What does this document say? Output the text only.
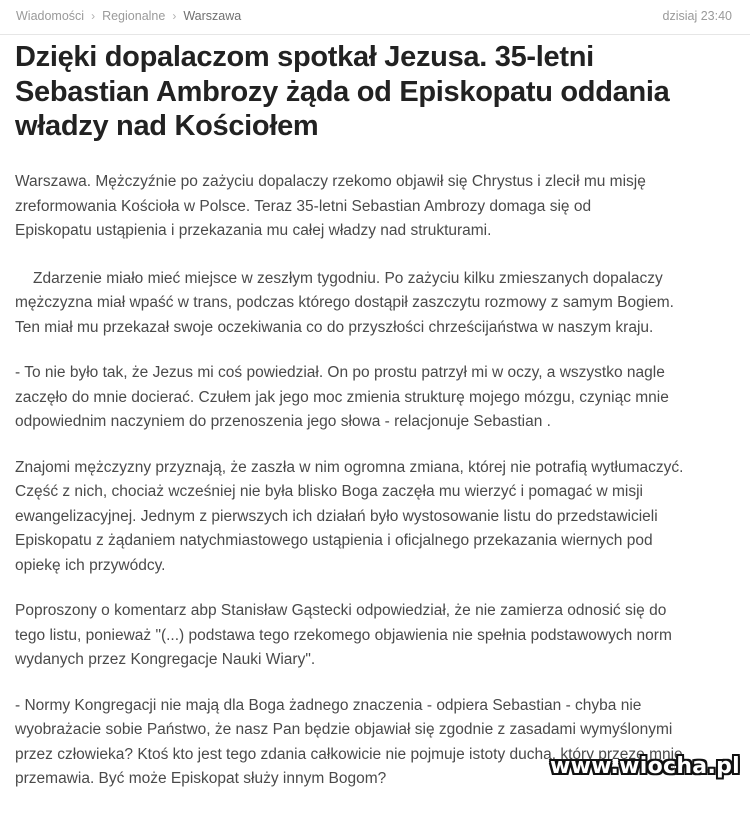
Wiadomości › Regionalne › Warszawa	dzisiaj 23:40
Dzięki dopalaczom spotkał Jezusa. 35-letni Sebastian Ambrozy żąda od Episkopatu oddania władzy nad Kościołem

Warszawa. Mężczyźnie po zażyciu dopalaczy rzekomo objawił się Chrystus i zlecił mu misję
zreformowania Kościoła w Polsce. Teraz 35-letni Sebastian Ambrozy domaga się od
Episkopatu ustąpienia i przekazania mu całej władzy nad strukturami.

Zdarzenie miało mieć miejsce w zeszłym tygodniu. Po zażyciu kilku zmieszanych dopalaczy
mężczyzna miał wpaść w trans, podczas którego dostąpił zaszczytu rozmowy z samym Bogiem.
Ten miał mu przekazał swoje oczekiwania co do przyszłości chrześcijaństwa w naszym kraju.

- To nie było tak, że Jezus mi coś powiedział. On po prostu patrzył mi w oczy, a wszystko nagle
zaczęło do mnie docierać. Czułem jak jego moc zmienia strukturę mojego mózgu, czyniąc mnie
odpowiednim naczyniem do przenoszenia jego słowa - relacjonuje Sebastian .

Znajomi mężczyzny przyznają, że zaszła w nim ogromna zmiana, której nie potrafią wytłumaczyć.
Część z nich, chociaż wcześniej nie była blisko Boga zaczęła mu wierzyć i pomagać w misji
ewangelizacyjnej. Jednym z pierwszych ich działań było wystosowanie listu do przedstawicieli
Episkopatu z żądaniem natychmiastowego ustąpienia i oficjalnego przekazania wiernych pod
opiekę ich przywódcy.

Poproszony o komentarz abp Stanisław Gąstecki odpowiedział, że nie zamierza odnosić się do
tego listu, ponieważ "(...) podstawa tego rzekomego objawienia nie spełnia podstawowych norm
wydanych przez Kongregacje Nauki Wiary".

- Normy Kongregacji nie mają dla Boga żadnego znaczenia - odpiera Sebastian - chyba nie
wyobrażacie sobie Państwo, że nasz Pan będzie objawiał się zgodnie z zasadami wymyślonymi
przez człowieka? Ktoś kto jest tego zdania całkowicie nie pojmuje istoty ducha, który przeze mnie
przemawia. Być może Episkopat służy innym Bogom?	www.wiocha.pl
